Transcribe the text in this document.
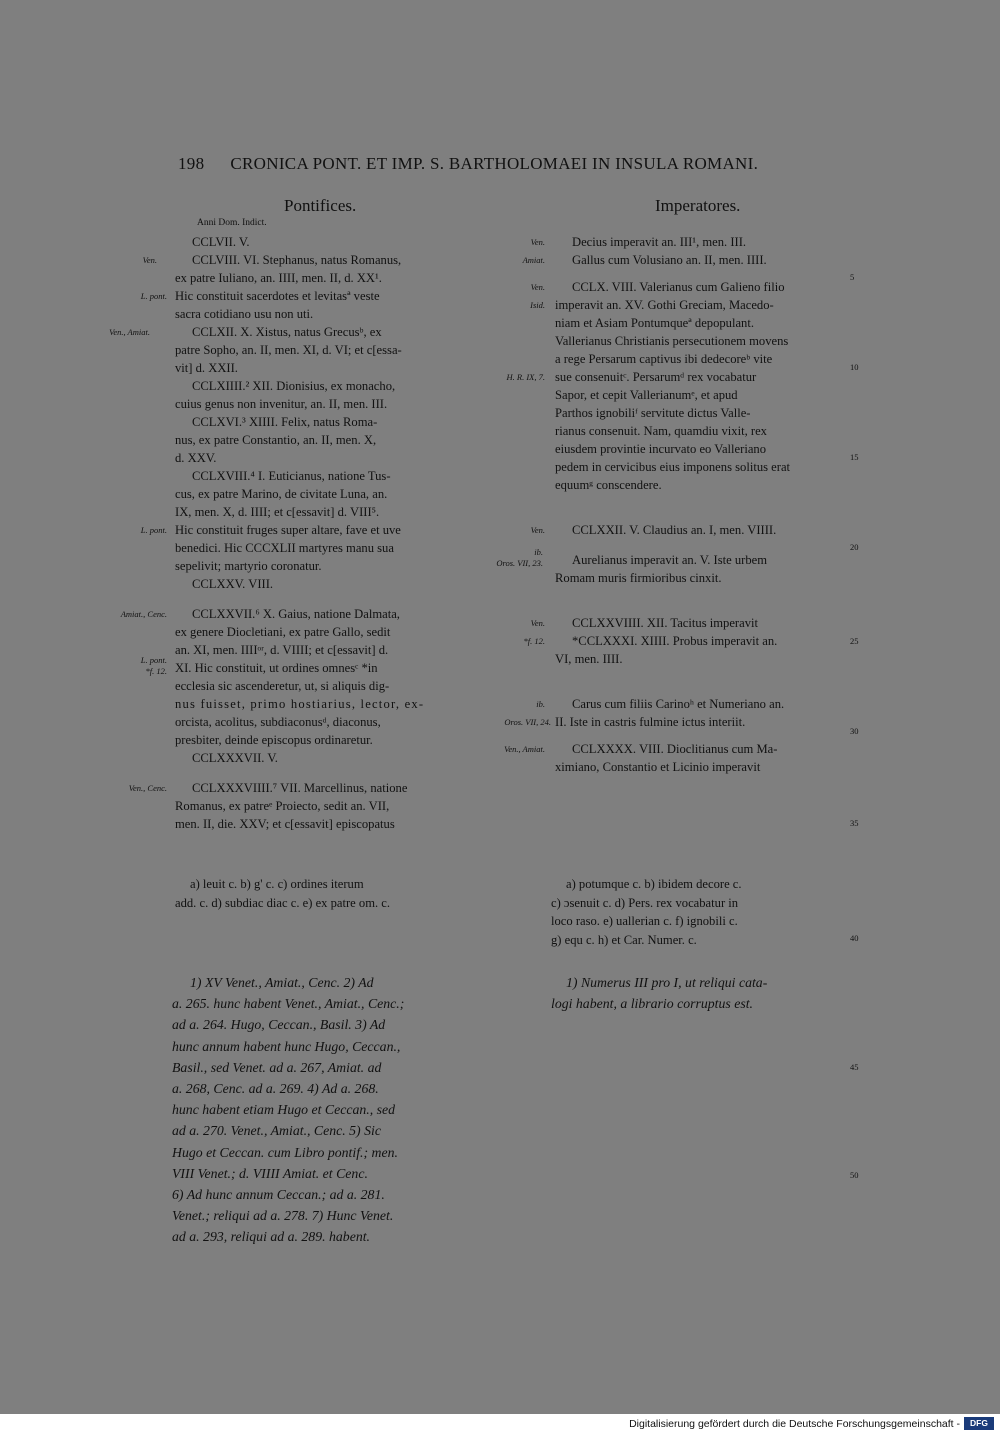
198 CRONICA PONT. ET IMP. S. BARTHOLOMAEI IN INSULA ROMANI.
Pontifices.	Imperatores.
Anni Dom. Indict.

CCLVII. V.

Ven.	CCLVIII. VI. Stephanus, natus Romanus,

ex patre Iuliano, an. IIII, men. II, d. XX¹.

L. pont. Hic constituit sacerdotes et levitasª veste

sacra cotidiano usu non uti.

Ven., Amiat.	CCLXII. X. Xistus, natus Grecusᵇ, ex

patre Sopho, an. II, men. XI, d. VI; et c[essa-

vit] d. XXII.

CCLXIIII.² XII. Dionisius, ex monacho,

cuius genus non invenitur, an. II, men. III.

CCLXVI.³ XIIII. Felix, natus Roma-

nus, ex patre Constantio, an. II, men. X,

d. XXV.

CCLXVIII.⁴ I. Euticianus, natione Tus-

cus, ex patre Marino, de civitate Luna, an.

IX, men. X, d. IIII; et c[essavit] d. VIII⁵.

L. pont. Hic constituit fruges super altare, fave et uve

benedici. Hic CCCXLII martyres manu sua

sepelivit; martyrio coronatur.

CCLXXV. VIII.

Amiat., Cenc. CCLXXVII.⁶ X. Gaius, natione Dalmata,

ex genere Diocletiani, ex patre Gallo, sedit

an. XI, men. IIIIᵒʳ, d. VIIII; et c[essavit] d.

L. pont.
*f. 12. XI. Hic constituit, ut ordines omnesᶜ *in

ecclesia sic ascenderetur, ut, si aliquis dig-

nus fuisset, primo hostiarius, lector, ex-

orcista, acolitus, subdiaconusᵈ, diaconus,

presbiter, deinde episcopus ordinaretur.

CCLXXXVII. V.

Ven., Cenc. CCLXXXVIIII.⁷ VII. Marcellinus, natione

Romanus, ex patreᵉ Proiecto, sedit an. VII,

men. II, die. XXV; et c[essavit] episcopatus

Ven. Decius imperavit an. III¹, men. III.

Amiat. Gallus cum Volusiano an. II, men. IIII.

Ven. CCLX. VIII. Valerianus cum Galieno filio

Isid. imperavit an. XV. Gothi Greciam, Macedo-

niam et Asiam Pontumqueª depopulant.

Vallerianus Christianis persecutionem movens

a rege Persarum captivus ibi dedecoreᵇ vite

H. R. IX, 7. sue consenuitᶜ. Persarumᵈ rex vocabatur

Sapor, et cepit Vallerianumᵉ, et apud

Parthos ignobiliᶠ servitute dictus Valle-

rianus consenuit. Nam, quamdiu vixit, rex

eiusdem provintie incurvato eo Valleriano

pedem in cervicibus eius imponens solitus erat

equumᵍ conscendere.

Ven. CCLXXII. V. Claudius an. I, men. VIIII.

ib.
Oros. VII, 23. Aurelianus imperavit an. V. Iste urbem

Romam muris firmioribus cinxit.

Ven. CCLXXVIIII. XII. Tacitus imperavit

*f. 12. *CCLXXXI. XIIII. Probus imperavit an.

VI, men. IIII.

ib. Carus cum filiis Carinoʰ et Numeriano an.

Oros. VII, 24. II. Iste in castris fulmine ictus interiit.

Ven., Amiat. CCLXXXX. VIII. Dioclitianus cum Ma-

ximiano, Constantio et Licinio imperavit

5
10
15
20
25
30
35
40
45
50
a) leuit c. b) g' c. c) ordines iterum
add. c. d) subdiac diac c. e) ex patre om. c.
a) potumque c. b) ibidem decore c.
c) ɔsenuit c. d) Pers. rex vocabatur in
loco raso. e) uallerian c. f) ignobili c.
g) equ c. h) et Car. Numer. c.
1) XV Venet., Amiat., Cenc. 2) Ad
a. 265. hunc habent Venet., Amiat., Cenc.;
ad a. 264. Hugo, Ceccan., Basil. 3) Ad
hunc annum habent hunc Hugo, Ceccan.,
Basil., sed Venet. ad a. 267, Amiat. ad
a. 268, Cenc. ad a. 269. 4) Ad a. 268.
hunc habent etiam Hugo et Ceccan., sed
ad a. 270. Venet., Amiat., Cenc. 5) Sic
Hugo et Ceccan. cum Libro pontif.; men.
VIII Venet.; d. VIIII Amiat. et Cenc.
6) Ad hunc annum Ceccan.; ad a. 281.
Venet.; reliqui ad a. 278. 7) Hunc Venet.
ad a. 293, reliqui ad a. 289. habent.
1) Numerus III pro I, ut reliqui cata-
logi habent, a librario corruptus est.
Digitalisierung gefördert durch die Deutsche Forschungsgemeinschaft -	DFG
